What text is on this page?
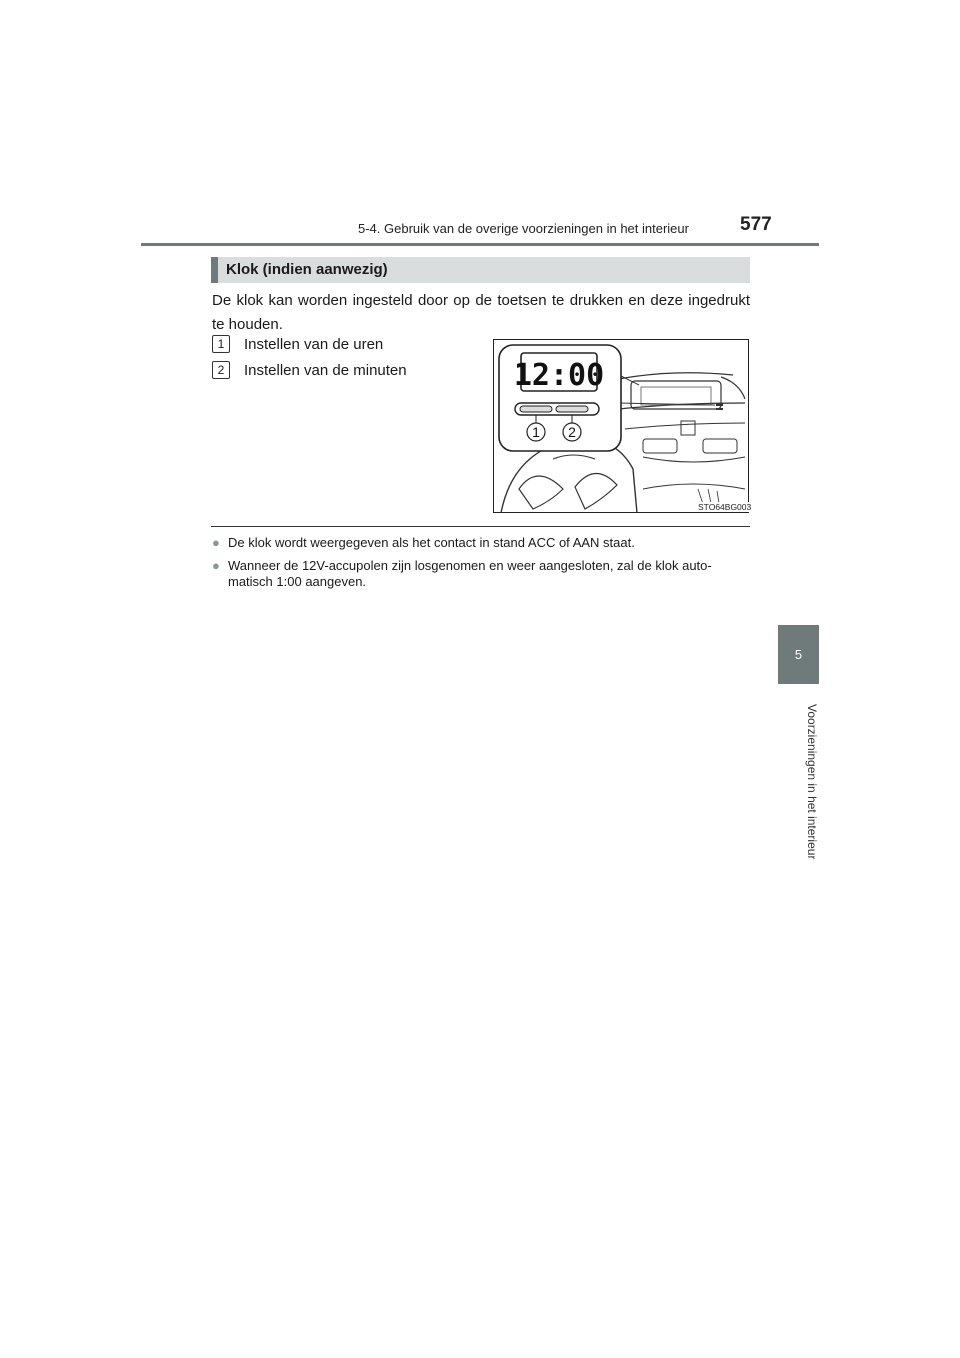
5-4. Gebruik van de overige voorzieningen in het interieur	577
5
Voorzieningen in het interieur
Klok (indien aanwezig)
De klok kan worden ingesteld door op de toetsen te drukken en deze ingedrukt te houden.
1	Instellen van de uren
2	Instellen van de minuten	12:00
1 2
STO64BG003
● De klok wordt weergegeven als het contact in stand ACC of AAN staat.
● Wanneer de 12V-accupolen zijn losgenomen en weer aangesloten, zal de klok auto-
matisch 1:00 aangeven.
